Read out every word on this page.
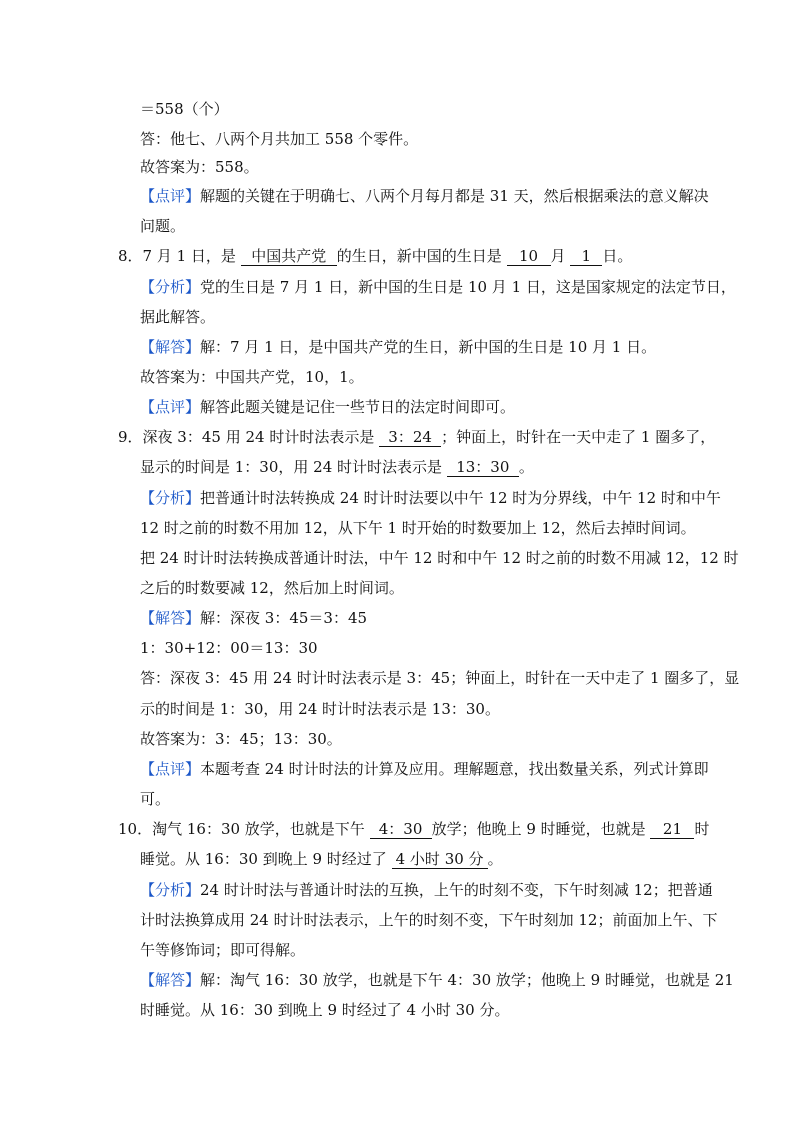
＝558（个）
答：他七、八两个月共加工 558 个零件。
故答案为：558。
【点评】解题的关键在于明确七、八两个月每月都是 31 天，然后根据乘法的意义解决
问题。
8．7 月 1 日，是 中国共产党 的生日，新中国的生日是 10 月 1 日。
【分析】党的生日是 7 月 1 日，新中国的生日是 10 月 1 日，这是国家规定的法定节日，
据此解答。
【解答】解：7 月 1 日，是中国共产党的生日，新中国的生日是 10 月 1 日。
故答案为：中国共产党，10，1。
【点评】解答此题关键是记住一些节日的法定时间即可。
9．深夜 3：45 用 24 时计时法表示是 3：24 ；钟面上，时针在一天中走了 1 圈多了，
显示的时间是 1：30，用 24 时计时法表示是 13：30 。
【分析】把普通计时法转换成 24 时计时法要以中午 12 时为分界线，中午 12 时和中午
12 时之前的时数不用加 12，从下午 1 时开始的时数要加上 12，然后去掉时间词。
把 24 时计时法转换成普通计时法，中午 12 时和中午 12 时之前的时数不用减 12，12 时
之后的时数要减 12，然后加上时间词。
【解答】解：深夜 3：45＝3：45
1：30+12：00＝13：30
答：深夜 3：45 用 24 时计时法表示是 3：45；钟面上，时针在一天中走了 1 圈多了，显
示的时间是 1：30，用 24 时计时法表示是 13：30。
故答案为：3：45；13：30。
【点评】本题考查 24 时计时法的计算及应用。理解题意，找出数量关系，列式计算即
可。
10．淘气 16：30 放学，也就是下午 4：30 放学；他晚上 9 时睡觉，也就是 21 时
睡觉。从 16：30 到晚上 9 时经过了 4 小时 30 分 。
【分析】24 时计时法与普通计时法的互换，上午的时刻不变，下午时刻减 12；把普通
计时法换算成用 24 时计时法表示，上午的时刻不变，下午时刻加 12；前面加上午、下
午等修饰词；即可得解。
【解答】解：淘气 16：30 放学，也就是下午 4：30 放学；他晚上 9 时睡觉，也就是 21
时睡觉。从 16：30 到晚上 9 时经过了 4 小时 30 分。
